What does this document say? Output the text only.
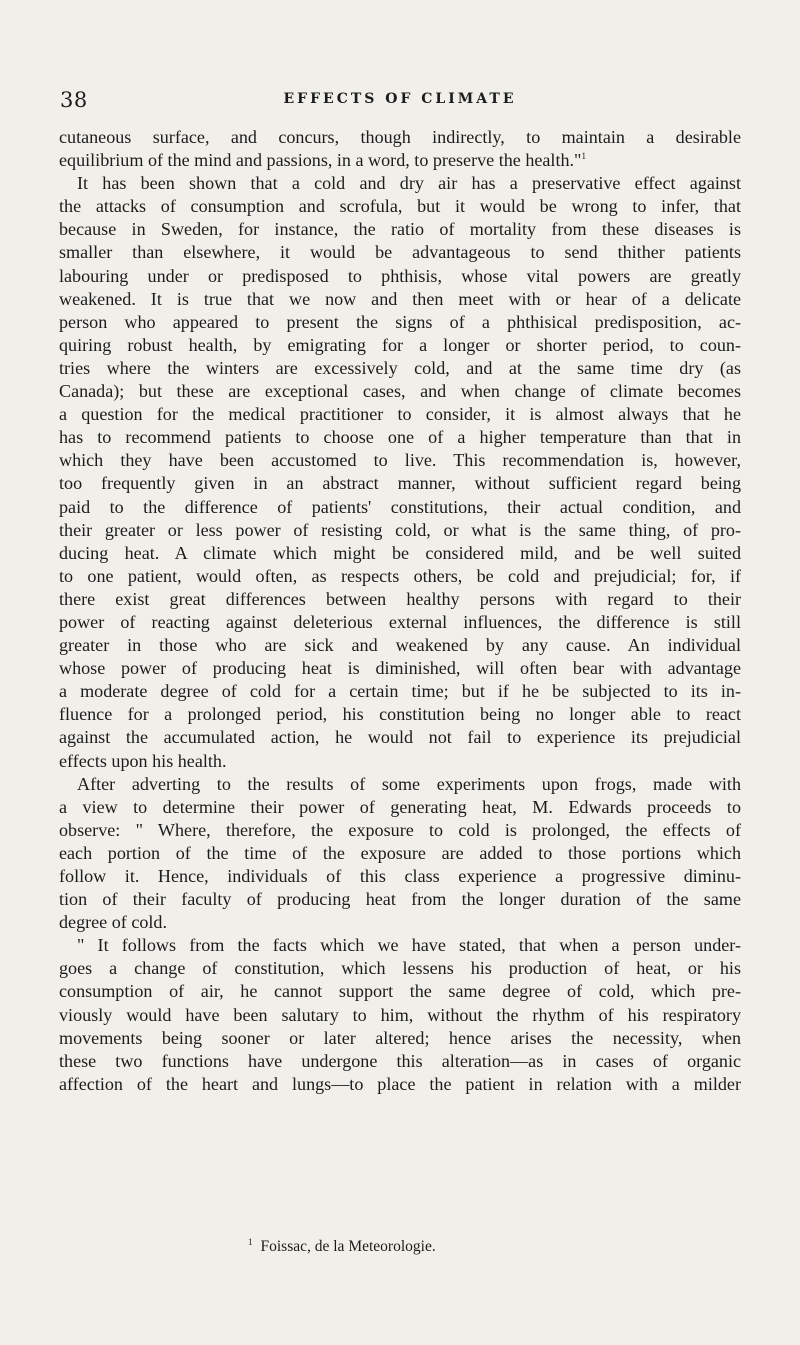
38	EFFECTS OF CLIMATE
cutaneous surface, and concurs, though indirectly, to maintain a desirable
equilibrium of the mind and passions, in a word, to preserve the health."$^1$
It has been shown that a cold and dry air has a preservative effect against
the attacks of consumption and scrofula, but it would be wrong to infer, that
because in Sweden, for instance, the ratio of mortality from these diseases is
smaller than elsewhere, it would be advantageous to send thither patients
labouring under or predisposed to phthisis, whose vital powers are greatly
weakened. It is true that we now and then meet with or hear of a delicate
person who appeared to present the signs of a phthisical predisposition, ac-
quiring robust health, by emigrating for a longer or shorter period, to coun-
tries where the winters are excessively cold, and at the same time dry (as
Canada); but these are exceptional cases, and when change of climate becomes
a question for the medical practitioner to consider, it is almost always that he
has to recommend patients to choose one of a higher temperature than that in
which they have been accustomed to live. This recommendation is, however,
too frequently given in an abstract manner, without sufficient regard being
paid to the difference of patients' constitutions, their actual condition, and
their greater or less power of resisting cold, or what is the same thing, of pro-
ducing heat. A climate which might be considered mild, and be well suited
to one patient, would often, as respects others, be cold and prejudicial; for, if
there exist great differences between healthy persons with regard to their
power of reacting against deleterious external influences, the difference is still
greater in those who are sick and weakened by any cause. An individual
whose power of producing heat is diminished, will often bear with advantage
a moderate degree of cold for a certain time; but if he be subjected to its in-
fluence for a prolonged period, his constitution being no longer able to react
against the accumulated action, he would not fail to experience its prejudicial
effects upon his health.
After adverting to the results of some experiments upon frogs, made with
a view to determine their power of generating heat, M. Edwards proceeds to
observe: " Where, therefore, the exposure to cold is prolonged, the effects of
each portion of the time of the exposure are added to those portions which
follow it. Hence, individuals of this class experience a progressive diminu-
tion of their faculty of producing heat from the longer duration of the same
degree of cold.
" It follows from the facts which we have stated, that when a person under-
goes a change of constitution, which lessens his production of heat, or his
consumption of air, he cannot support the same degree of cold, which pre-
viously would have been salutary to him, without the rhythm of his respiratory
movements being sooner or later altered; hence arises the necessity, when
these two functions have undergone this alteration—as in cases of organic
affection of the heart and lungs—to place the patient in relation with a milder
$^1$ Foissac, de la Meteorologie.
